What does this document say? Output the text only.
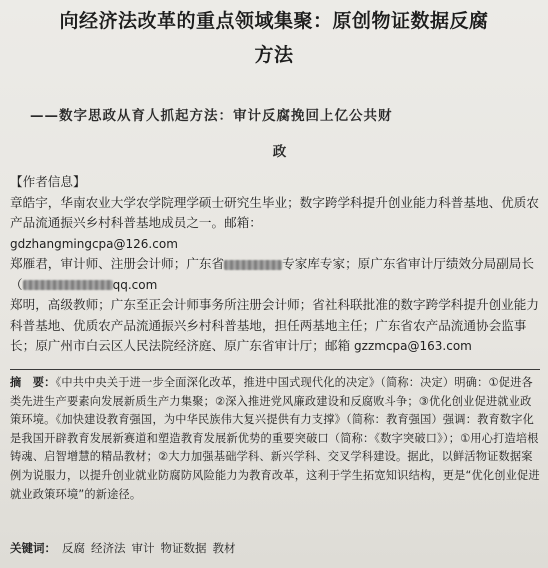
向经济法改革的重点领域集聚：原创物证数据反腐
方法
——数字思政从育人抓起方法：审计反腐挽回上亿公共财
政

【作者信息】

章皓宇，华南农业大学农学院理学硕士研究生毕业；数字跨学科提升创业能力科普基地、优质农产品流通振兴乡村科普基地成员之一。邮箱：
gdzhangmingcpa@126.com

郑雁君，审计师、注册会计师；广东省	专家库专家；原广东省审计厅绩效分局副局长（	qq.com

郑明，高级教师；广东至正会计师事务所注册会计师；省社科联批准的数字跨学科提升创业能力科普基地、优质农产品流通振兴乡村科普基地，担任两基地主任；广东省农产品流通协会监事长；原广州市白云区人民法院经济庭、原广东省审计厅；邮箱 gzzmcpa@163.com

摘　要：《中共中央关于进一步全面深化改革，推进中国式现代化的决定》（简称：决定）明确：①促进各类先进生产要素向发展新质生产力集聚；②深入推进党风廉政建设和反腐败斗争；③优化创业促进就业政策环境。《加快建设教育强国，为中华民族伟大复兴提供有力支撑》（简称：教育强国）强调：教育数字化是我国开辟教育发展新赛道和塑造教育发展新优势的重要突破口（简称：《数字突破口》）；①用心打造培根铸魂、启智增慧的精品教材；②大力加强基础学科、新兴学科、交叉学科建设。据此，以鲜活物证数据案例为说服力，以提升创业就业防腐防风险能力为教育改革，这利于学生拓宽知识结构，更是“优化创业促进就业政策环境”的新途径。
关键词： 反腐 经济法 审计 物证数据 教材
